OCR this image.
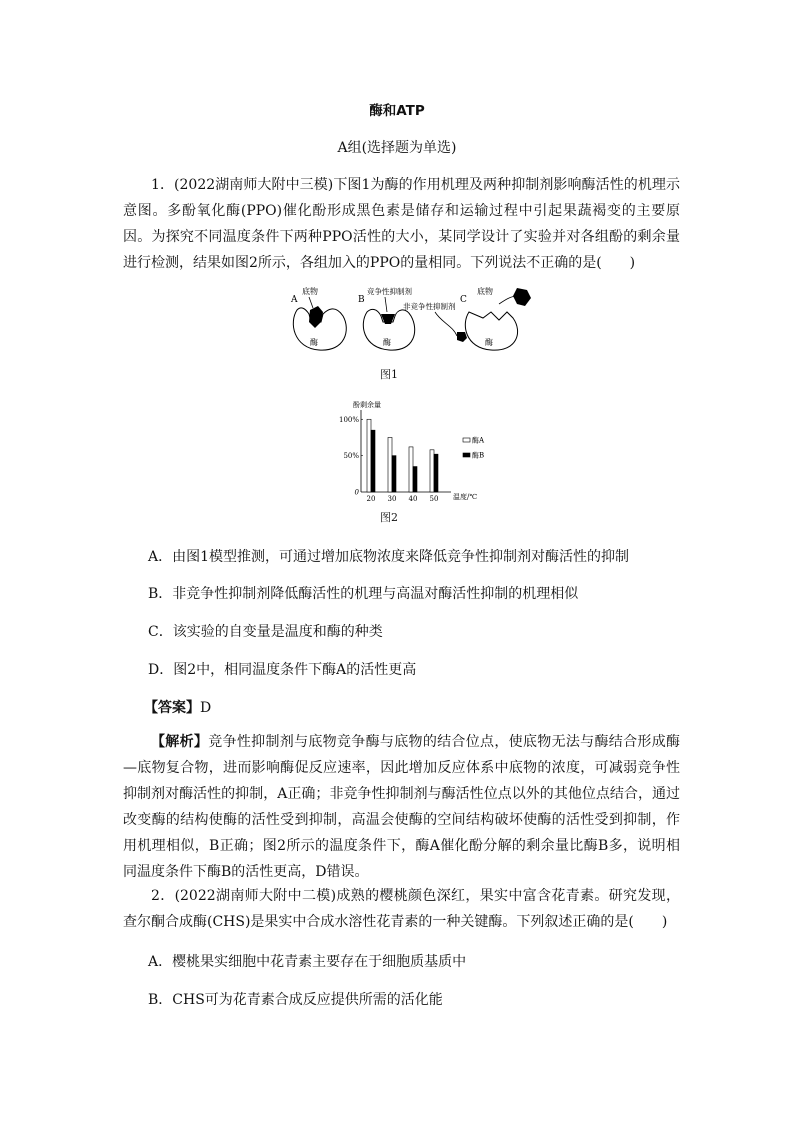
酶和ATP
A组(选择题为单选)

1．(2022湖南师大附中三模)下图1为酶的作用机理及两种抑制剂影响酶活性的机理示意图。多酚氧化酶(PPO)催化酚形成黑色素是储存和运输过程中引起果蔬褐变的主要原因。为探究不同温度条件下两种PPO活性的大小，某同学设计了实验并对各组酚的剩余量进行检测，结果如图2所示，各组加入的PPO的量相同。下列说法不正确的是(　　)

A
底物
酶
B
竞争性抑制剂
酶
C
非竞争性抑制剂
底物
酶
图1
酚剩余量
0
50%
100%
20 30 40 50 温度/℃
酶A
酶B
图2
A．由图1模型推测，可通过增加底物浓度来降低竞争性抑制剂对酶活性的抑制
B．非竞争性抑制剂降低酶活性的机理与高温对酶活性抑制的机理相似
C．该实验的自变量是温度和酶的种类
D．图2中，相同温度条件下酶A的活性更高
【答案】D

【解析】竞争性抑制剂与底物竞争酶与底物的结合位点，使底物无法与酶结合形成酶—底物复合物，进而影响酶促反应速率，因此增加反应体系中底物的浓度，可减弱竞争性抑制剂对酶活性的抑制，A正确；非竞争性抑制剂与酶活性位点以外的其他位点结合，通过改变酶的结构使酶的活性受到抑制，高温会使酶的空间结构破坏使酶的活性受到抑制，作用机理相似，B正确；图2所示的温度条件下，酶A催化酚分解的剩余量比酶B多，说明相同温度条件下酶B的活性更高，D错误。

2．(2022湖南师大附中二模)成熟的樱桃颜色深红，果实中富含花青素。研究发现，查尔酮合成酶(CHS)是果实中合成水溶性花青素的一种关键酶。下列叙述正确的是(　　)

A．樱桃果实细胞中花青素主要存在于细胞质基质中
B．CHS可为花青素合成反应提供所需的活化能
